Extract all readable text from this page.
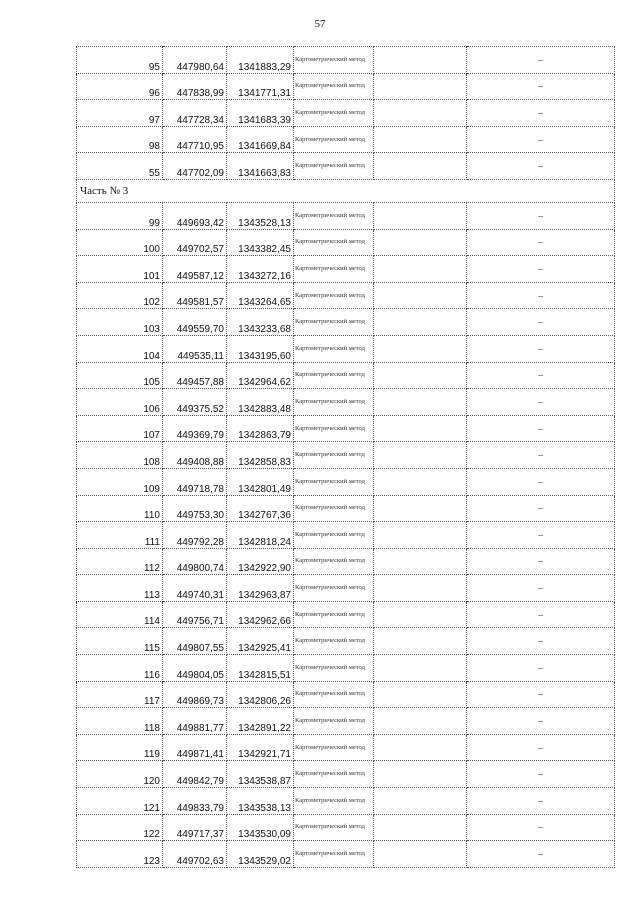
57
95	447980,64	1341883,29	Картометрический метод		–
96	447838,99	1341771,31	Картометрический метод		–
97	447728,34	1341683,39	Картометрический метод		–
98	447710,95	1341669,84	Картометрический метод		–
55	447702,09	1341663,83	Картометрический метод		–
Часть № 3					
99	449693,42	1343528,13	Картометрический метод		–
100	449702,57	1343382,45	Картометрический метод		–
101	449587,12	1343272,16	Картометрический метод		–
102	449581,57	1343264,65	Картометрический метод		–
103	449559,70	1343233,68	Картометрический метод		–
104	449535,11	1343195,60	Картометрический метод		–
105	449457,88	1342964,62	Картометрический метод		–
106	449375,52	1342883,48	Картометрический метод		–
107	449369,79	1342863,79	Картометрический метод		–
108	449408,88	1342858,83	Картометрический метод		–
109	449718,78	1342801,49	Картометрический метод		–
110	449753,30	1342767,36	Картометрический метод		–
111	449792,28	1342818,24	Картометрический метод		–
112	449800,74	1342922,90	Картометрический метод		–
113	449740,31	1342963,87	Картометрический метод		–
114	449756,71	1342962,66	Картометрический метод		–
115	449807,55	1342925,41	Картометрический метод		–
116	449804,05	1342815,51	Картометрический метод		–
117	449869,73	1342806,26	Картометрический метод		–
118	449881,77	1342891,22	Картометрический метод		–
119	449871,41	1342921,71	Картометрический метод		–
120	449842,79	1343538,87	Картометрический метод		–
121	449833,79	1343538,13	Картометрический метод		–
122	449717,37	1343530,09	Картометрический метод		–
123	449702,63	1343529,02	Картометрический метод		–
